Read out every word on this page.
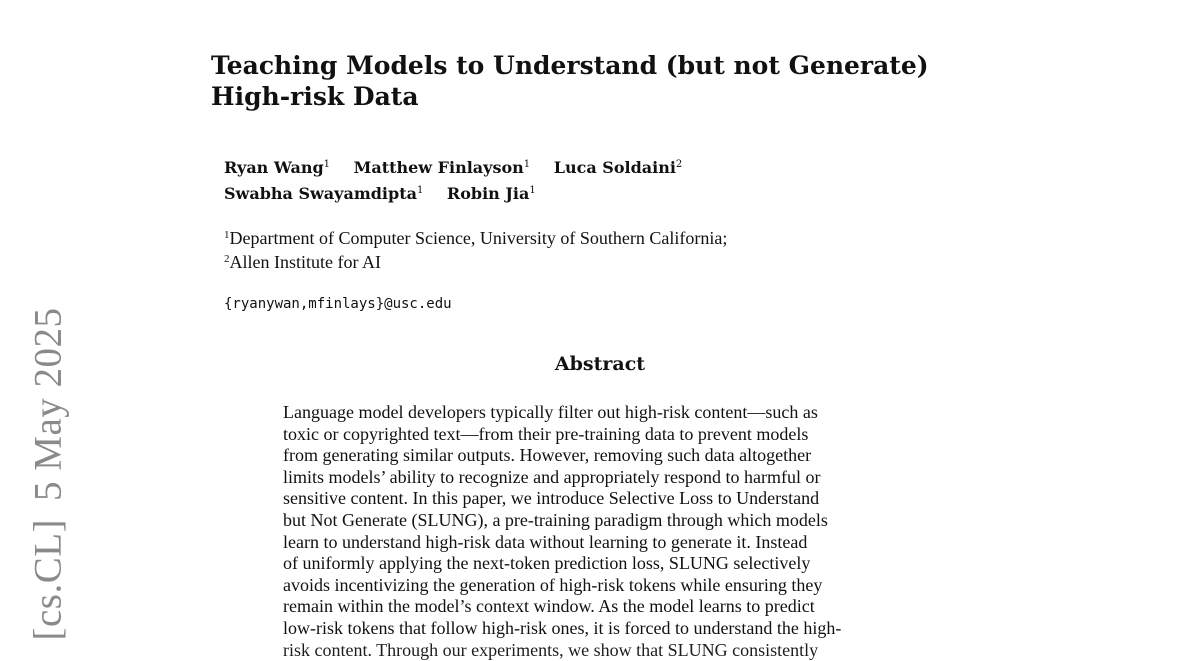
[cs.CL]5 May 2025
Teaching Models to Understand (but not Generate)
High-risk Data
Ryan Wang$^1$ Matthew Finlayson$^1$ Luca Soldaini$^2$
Swabha Swayamdipta$^1$ Robin Jia$^1$
$^1$Department of Computer Science, University of Southern California;
$^2$Allen Institute for AI
{ryanywan,mfinlays}@usc.edu
Abstract
Language model developers typically filter out high-risk content—such as
toxic or copyrighted text—from their pre-training data to prevent models
from generating similar outputs. However, removing such data altogether
limits models’ ability to recognize and appropriately respond to harmful or
sensitive content. In this paper, we introduce Selective Loss to Understand
but Not Generate (SLUNG), a pre-training paradigm through which models
learn to understand high-risk data without learning to generate it. Instead
of uniformly applying the next-token prediction loss, SLUNG selectively
avoids incentivizing the generation of high-risk tokens while ensuring they
remain within the model’s context window. As the model learns to predict
low-risk tokens that follow high-risk ones, it is forced to understand the high-
risk content. Through our experiments, we show that SLUNG consistently
